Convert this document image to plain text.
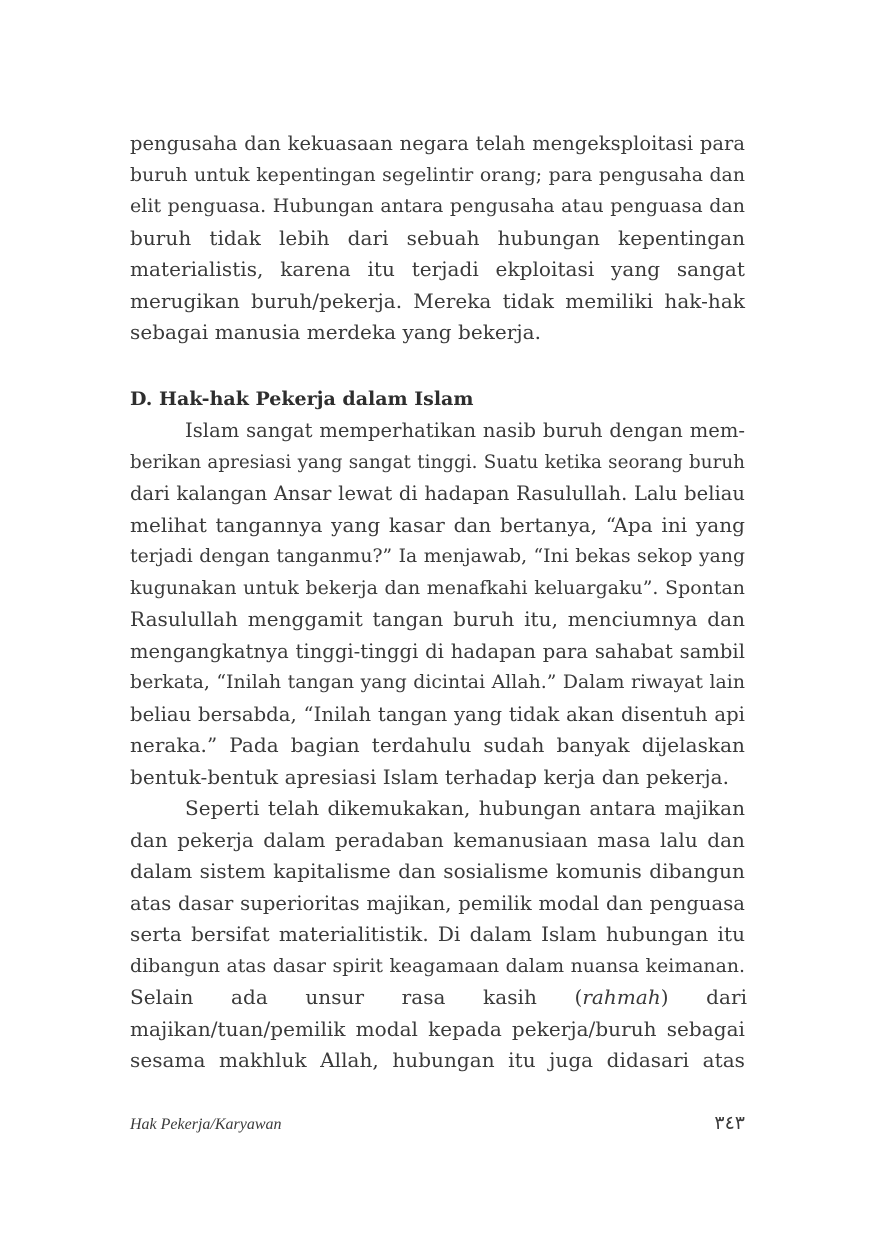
pengusaha dan kekuasaan negara telah mengeksploitasi para
buruh untuk kepentingan segelintir orang; para pengusaha dan
elit penguasa. Hubungan antara pengusaha atau penguasa dan
buruh tidak lebih dari sebuah hubungan kepentingan
materialistis, karena itu terjadi ekploitasi yang sangat
merugikan buruh/pekerja. Mereka tidak memiliki hak-hak
sebagai manusia merdeka yang bekerja.
D. Hak-hak Pekerja dalam Islam
Islam sangat memperhatikan nasib buruh dengan mem-
berikan apresiasi yang sangat tinggi. Suatu ketika seorang buruh
dari kalangan Ansar lewat di hadapan Rasulullah. Lalu beliau
melihat tangannya yang kasar dan bertanya, “Apa ini yang
terjadi dengan tanganmu?” Ia menjawab, “Ini bekas sekop yang
kugunakan untuk bekerja dan menafkahi keluargaku”. Spontan
Rasulullah menggamit tangan buruh itu, menciumnya dan
mengangkatnya tinggi-tinggi di hadapan para sahabat sambil
berkata, “Inilah tangan yang dicintai Allah.” Dalam riwayat lain
beliau bersabda, “Inilah tangan yang tidak akan disentuh api
neraka.” Pada bagian terdahulu sudah banyak dijelaskan
bentuk-bentuk apresiasi Islam terhadap kerja dan pekerja.
Seperti telah dikemukakan, hubungan antara majikan
dan pekerja dalam peradaban kemanusiaan masa lalu dan
dalam sistem kapitalisme dan sosialisme komunis dibangun
atas dasar superioritas majikan, pemilik modal dan penguasa
serta bersifat materialitistik. Di dalam Islam hubungan itu
dibangun atas dasar spirit keagamaan dalam nuansa keimanan.
Selain ada unsur rasa kasih (rahmah) dari
majikan/tuan/pemilik modal kepada pekerja/buruh sebagai
sesama makhluk Allah, hubungan itu juga didasari atas
Hak Pekerja/Karyawan	٣٤٣
